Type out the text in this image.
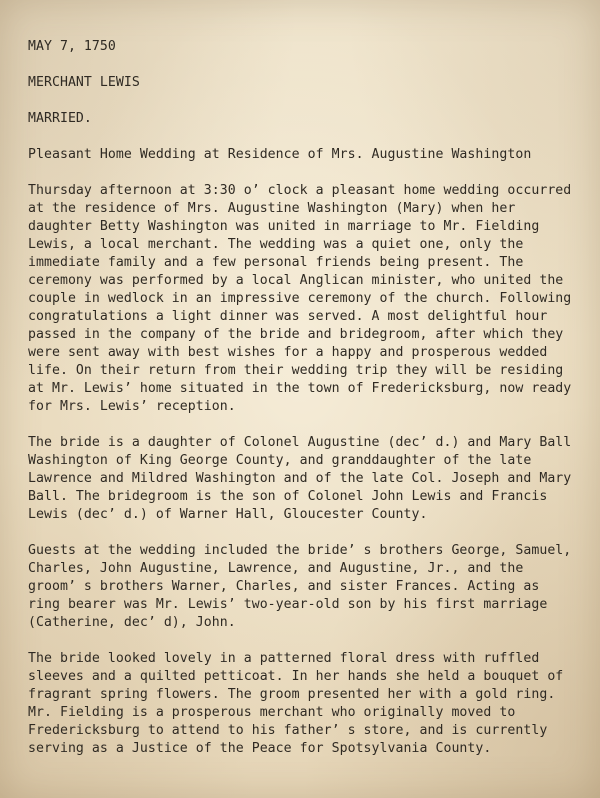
MAY 7, 1750

MERCHANT LEWIS

MARRIED.

Pleasant Home Wedding at Residence of Mrs. Augustine Washington

Thursday afternoon at 3:30 o’ clock a pleasant home wedding occurred at the residence of Mrs. Augustine Washington (Mary) when her daughter Betty Washington was united in marriage to Mr. Fielding Lewis, a local merchant. The wedding was a quiet one, only the immediate family and a few personal friends being present. The ceremony was performed by a local Anglican minister, who united the couple in wedlock in an impressive ceremony of the church. Following congratulations a light dinner was served. A most delightful hour passed in the company of the bride and bridegroom, after which they were sent away with best wishes for a happy and prosperous wedded life. On their return from their wedding trip they will be residing at Mr. Lewis’ home situated in the town of Fredericksburg, now ready for Mrs. Lewis’ reception.

The bride is a daughter of Colonel Augustine (dec’ d.) and Mary Ball Washington of King George County, and granddaughter of the late Lawrence and Mildred Washington and of the late Col. Joseph and Mary Ball. The bridegroom is the son of Colonel John Lewis and Francis Lewis (dec’ d.) of Warner Hall, Gloucester County.

Guests at the wedding included the bride’ s brothers George, Samuel, Charles, John Augustine, Lawrence, and Augustine, Jr., and the groom’ s brothers Warner, Charles, and sister Frances. Acting as ring bearer was Mr. Lewis’ two-year-old son by his first marriage (Catherine, dec’ d), John.

The bride looked lovely in a patterned floral dress with ruffled sleeves and a quilted petticoat. In her hands she held a bouquet of fragrant spring flowers. The groom presented her with a gold ring. Mr. Fielding is a prosperous merchant who originally moved to Fredericksburg to attend to his father’ s store, and is currently serving as a Justice of the Peace for Spotsylvania County.
